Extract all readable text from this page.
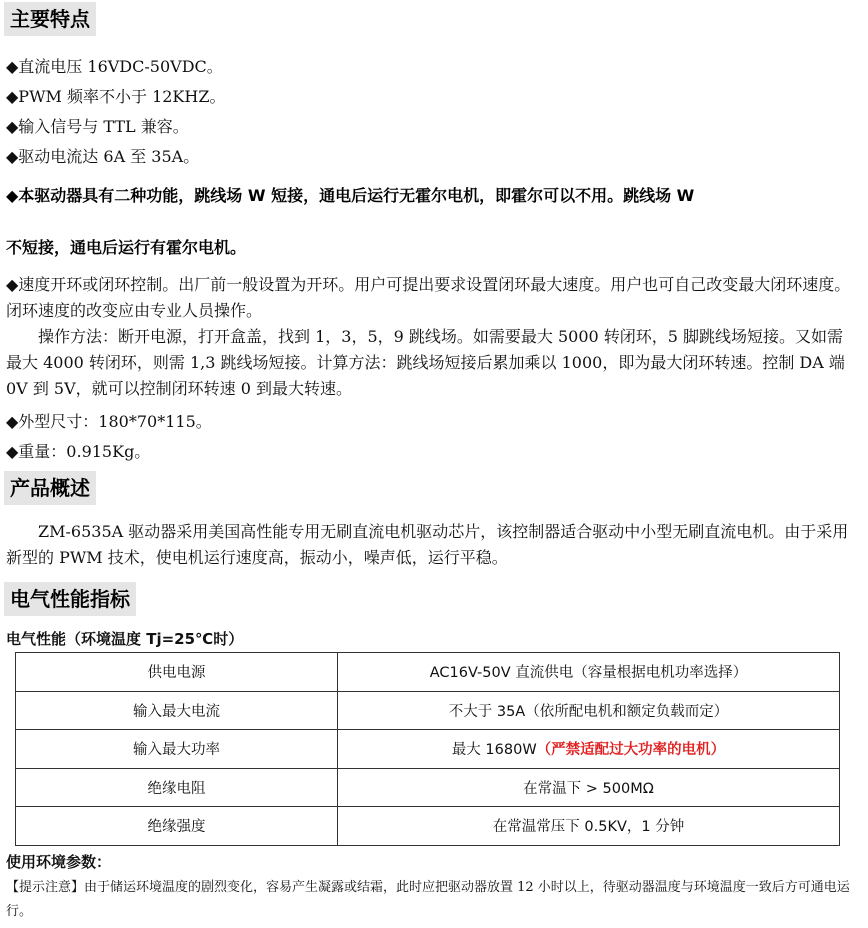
主要特点
◆直流电压 16VDC-50VDC。
◆PWM 频率不小于 12KHZ。
◆输入信号与 TTL 兼容。
◆驱动电流达 6A 至 35A。
◆本驱动器具有二种功能，跳线场 W 短接，通电后运行无霍尔电机，即霍尔可以不用。跳线场 W
不短接，通电后运行有霍尔电机。
◆速度开环或闭环控制。出厂前一般设置为开环。用户可提出要求设置闭环最大速度。用户也可自己改变最大闭环速度。闭环速度的改变应由专业人员操作。
操作方法：断开电源，打开盒盖，找到 1，3，5，9 跳线场。如需要最大 5000 转闭环，5 脚跳线场短接。又如需最大 4000 转闭环，则需 1,3 跳线场短接。计算方法：跳线场短接后累加乘以 1000，即为最大闭环转速。控制 DA 端 0V 到 5V，就可以控制闭环转速 0 到最大转速。
◆外型尺寸：180*70*115。
◆重量：0.915Kg。
产品概述
ZM-6535A 驱动器采用美国高性能专用无刷直流电机驱动芯片，该控制器适合驱动中小型无刷直流电机。由于采用新型的 PWM 技术，使电机运行速度高，振动小，噪声低，运行平稳。
电气性能指标
电气性能（环境温度 Tj=25℃时）
供电电源	AC16V-50V 直流供电（容量根据电机功率选择）
输入最大电流	不大于 35A（依所配电机和额定负载而定）
输入最大功率	最大 1680W（严禁适配过大功率的电机）
绝缘电阻	在常温下 > 500MΩ
绝缘强度	在常温常压下 0.5KV，1 分钟
使用环境参数：
【提示注意】由于储运环境温度的剧烈变化，容易产生凝露或结霜，此时应把驱动器放置 12 小时以上，待驱动器温度与环境温度一致后方可通电运行。
